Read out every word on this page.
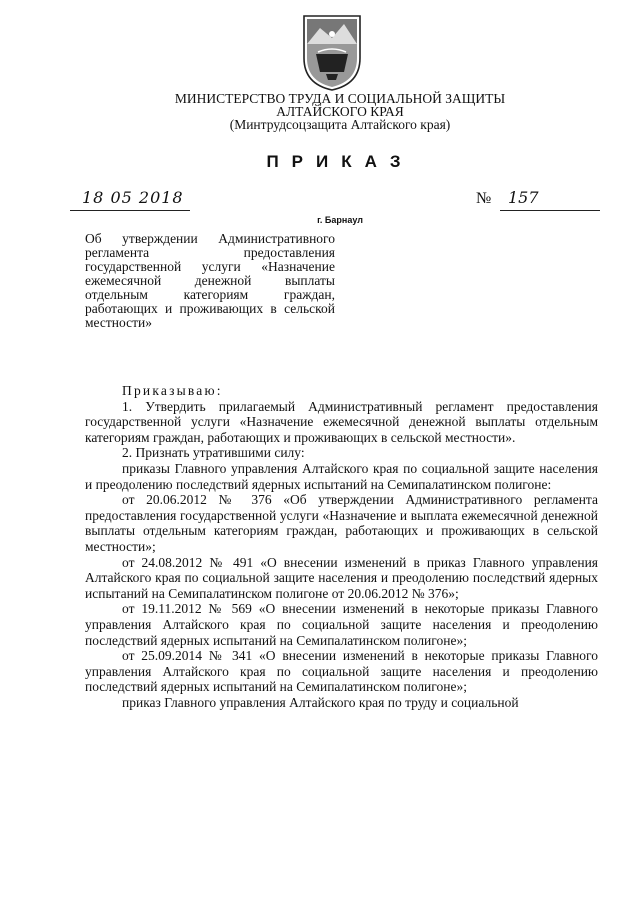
МИНИСТЕРСТВО ТРУДА И СОЦИАЛЬНОЙ ЗАЩИТЫ
АЛТАЙСКОГО КРАЯ
(Минтрудсоцзащита Алтайского края)
ПРИКАЗ
18 05 2018	№ 157
г. Барнаул
Об утверждении Административного регламента предоставления государственной услуги «Назначение ежемесячной денежной выплаты отдельным категориям граждан, работающих и проживающих в сельской местности»

Приказываю:

1. Утвердить прилагаемый Административный регламент предоставления государственной услуги «Назначение ежемесячной денежной выплаты отдельным категориям граждан, работающих и проживающих в сельской местности».

2. Признать утратившими силу:

приказы Главного управления Алтайского края по социальной защите населения и преодолению последствий ядерных испытаний на Семипалатинском полигоне:

от 20.06.2012 № 376 «Об утверждении Административного регламента предоставления государственной услуги «Назначение и выплата ежемесячной денежной выплаты отдельным категориям граждан, работающих и проживающих в сельской местности»;

от 24.08.2012 № 491 «О внесении изменений в приказ Главного управления Алтайского края по социальной защите населения и преодолению последствий ядерных испытаний на Семипалатинском полигоне от 20.06.2012 № 376»;

от 19.11.2012 № 569 «О внесении изменений в некоторые приказы Главного управления Алтайского края по социальной защите населения и преодолению последствий ядерных испытаний на Семипалатинском полигоне»;

от 25.09.2014 № 341 «О внесении изменений в некоторые приказы Главного управления Алтайского края по социальной защите населения и преодолению последствий ядерных испытаний на Семипалатинском полигоне»;

приказ Главного управления Алтайского края по труду и социальной
